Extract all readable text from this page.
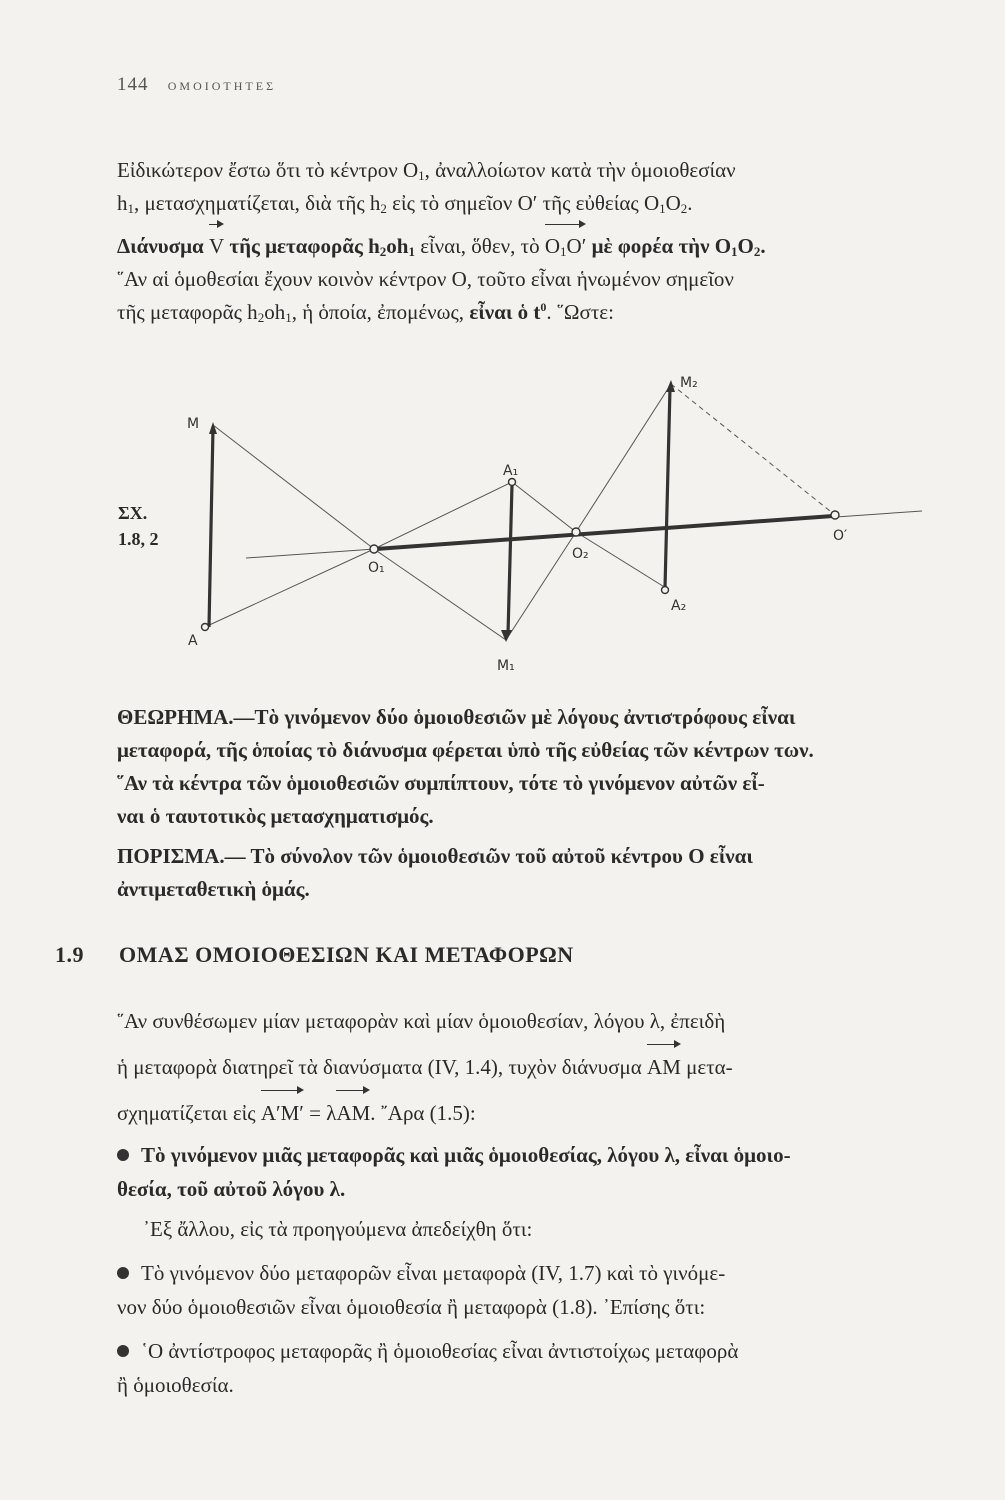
144 ΟΜΟΙΟΤΗΤΕΣ

Εἰδικώτερον ἔστω ὅτι τὸ κέντρον $O_1$, ἀναλλοίωτον κατὰ τὴν ὁμοιοθεσίαν

$h_1$, μετασχηματίζεται, διὰ τῆς $h_2$ εἰς τὸ σημεῖον O′ τῆς εὐθείας $O_1O_2$.

Διάνυσμα V τῆς μεταφορᾶς $h_2oh_1$ εἶναι, ὅθεν, τὸ $O_1O'$ μὲ φορέα τὴν $O_1O_2$.

῞Αν αἱ ὁμοθεσίαι ἔχουν κοινὸν κέντρον O, τοῦτο εἶναι ἡνωμένον σημεῖον

τῆς μεταφορᾶς $h_2oh_1$, ἡ ὁποία, ἐπομένως, εἶναι ὁ $t^0$. ῞Ωστε:

ΣΧ.
1.8, 2
M
A
A₁
M₁
O₁
O₂
M₂
A₂
O′
ΘΕΩΡΗΜΑ.—Τὸ γινόμενον δύο ὁμοιοθεσιῶν μὲ λόγους ἀντιστρόφους εἶναι
μεταφορά, τῆς ὁποίας τὸ διάνυσμα φέρεται ὑπὸ τῆς εὐθείας τῶν κέντρων των.
῞Αν τὰ κέντρα τῶν ὁμοιοθεσιῶν συμπίπτουν, τότε τὸ γινόμενον αὐτῶν εἶ-
ναι ὁ ταυτοτικὸς μετασχηματισμός.
ΠΟΡΙΣΜΑ.— Τὸ σύνολον τῶν ὁμοιοθεσιῶν τοῦ αὐτοῦ κέντρου O εἶναι
ἀντιμεταθετικὴ ὁμάς.
1.9 ΟΜΑΣ ΟΜΟΙΟΘΕΣΙΩΝ ΚΑΙ ΜΕΤΑΦΟΡΩΝ

῞Αν συνθέσωμεν μίαν μεταφορὰν καὶ μίαν ὁμοιοθεσίαν, λόγου λ, ἐπειδὴ

ἡ μεταφορὰ διατηρεῖ τὰ διανύσματα (IV, 1.4), τυχὸν διάνυσμα AM μετα-

σχηματίζεται εἰς A′M′ = λAM. ῎Αρα (1.5):

Τὸ γινόμενον μιᾶς μεταφορᾶς καὶ μιᾶς ὁμοιοθεσίας, λόγου λ, εἶναι ὁμοιο-

θεσία, τοῦ αὐτοῦ λόγου λ.

᾿Εξ ἄλλου, εἰς τὰ προηγούμενα ἀπεδείχθη ὅτι:

Τὸ γινόμενον δύο μεταφορῶν εἶναι μεταφορὰ (IV, 1.7) καὶ τὸ γινόμε-

νον δύο ὁμοιοθεσιῶν εἶναι ὁμοιοθεσία ἢ μεταφορὰ (1.8). ᾿Επίσης ὅτι:

῾Ο ἀντίστροφος μεταφορᾶς ἢ ὁμοιοθεσίας εἶναι ἀντιστοίχως μεταφορὰ

ἢ ὁμοιοθεσία.
